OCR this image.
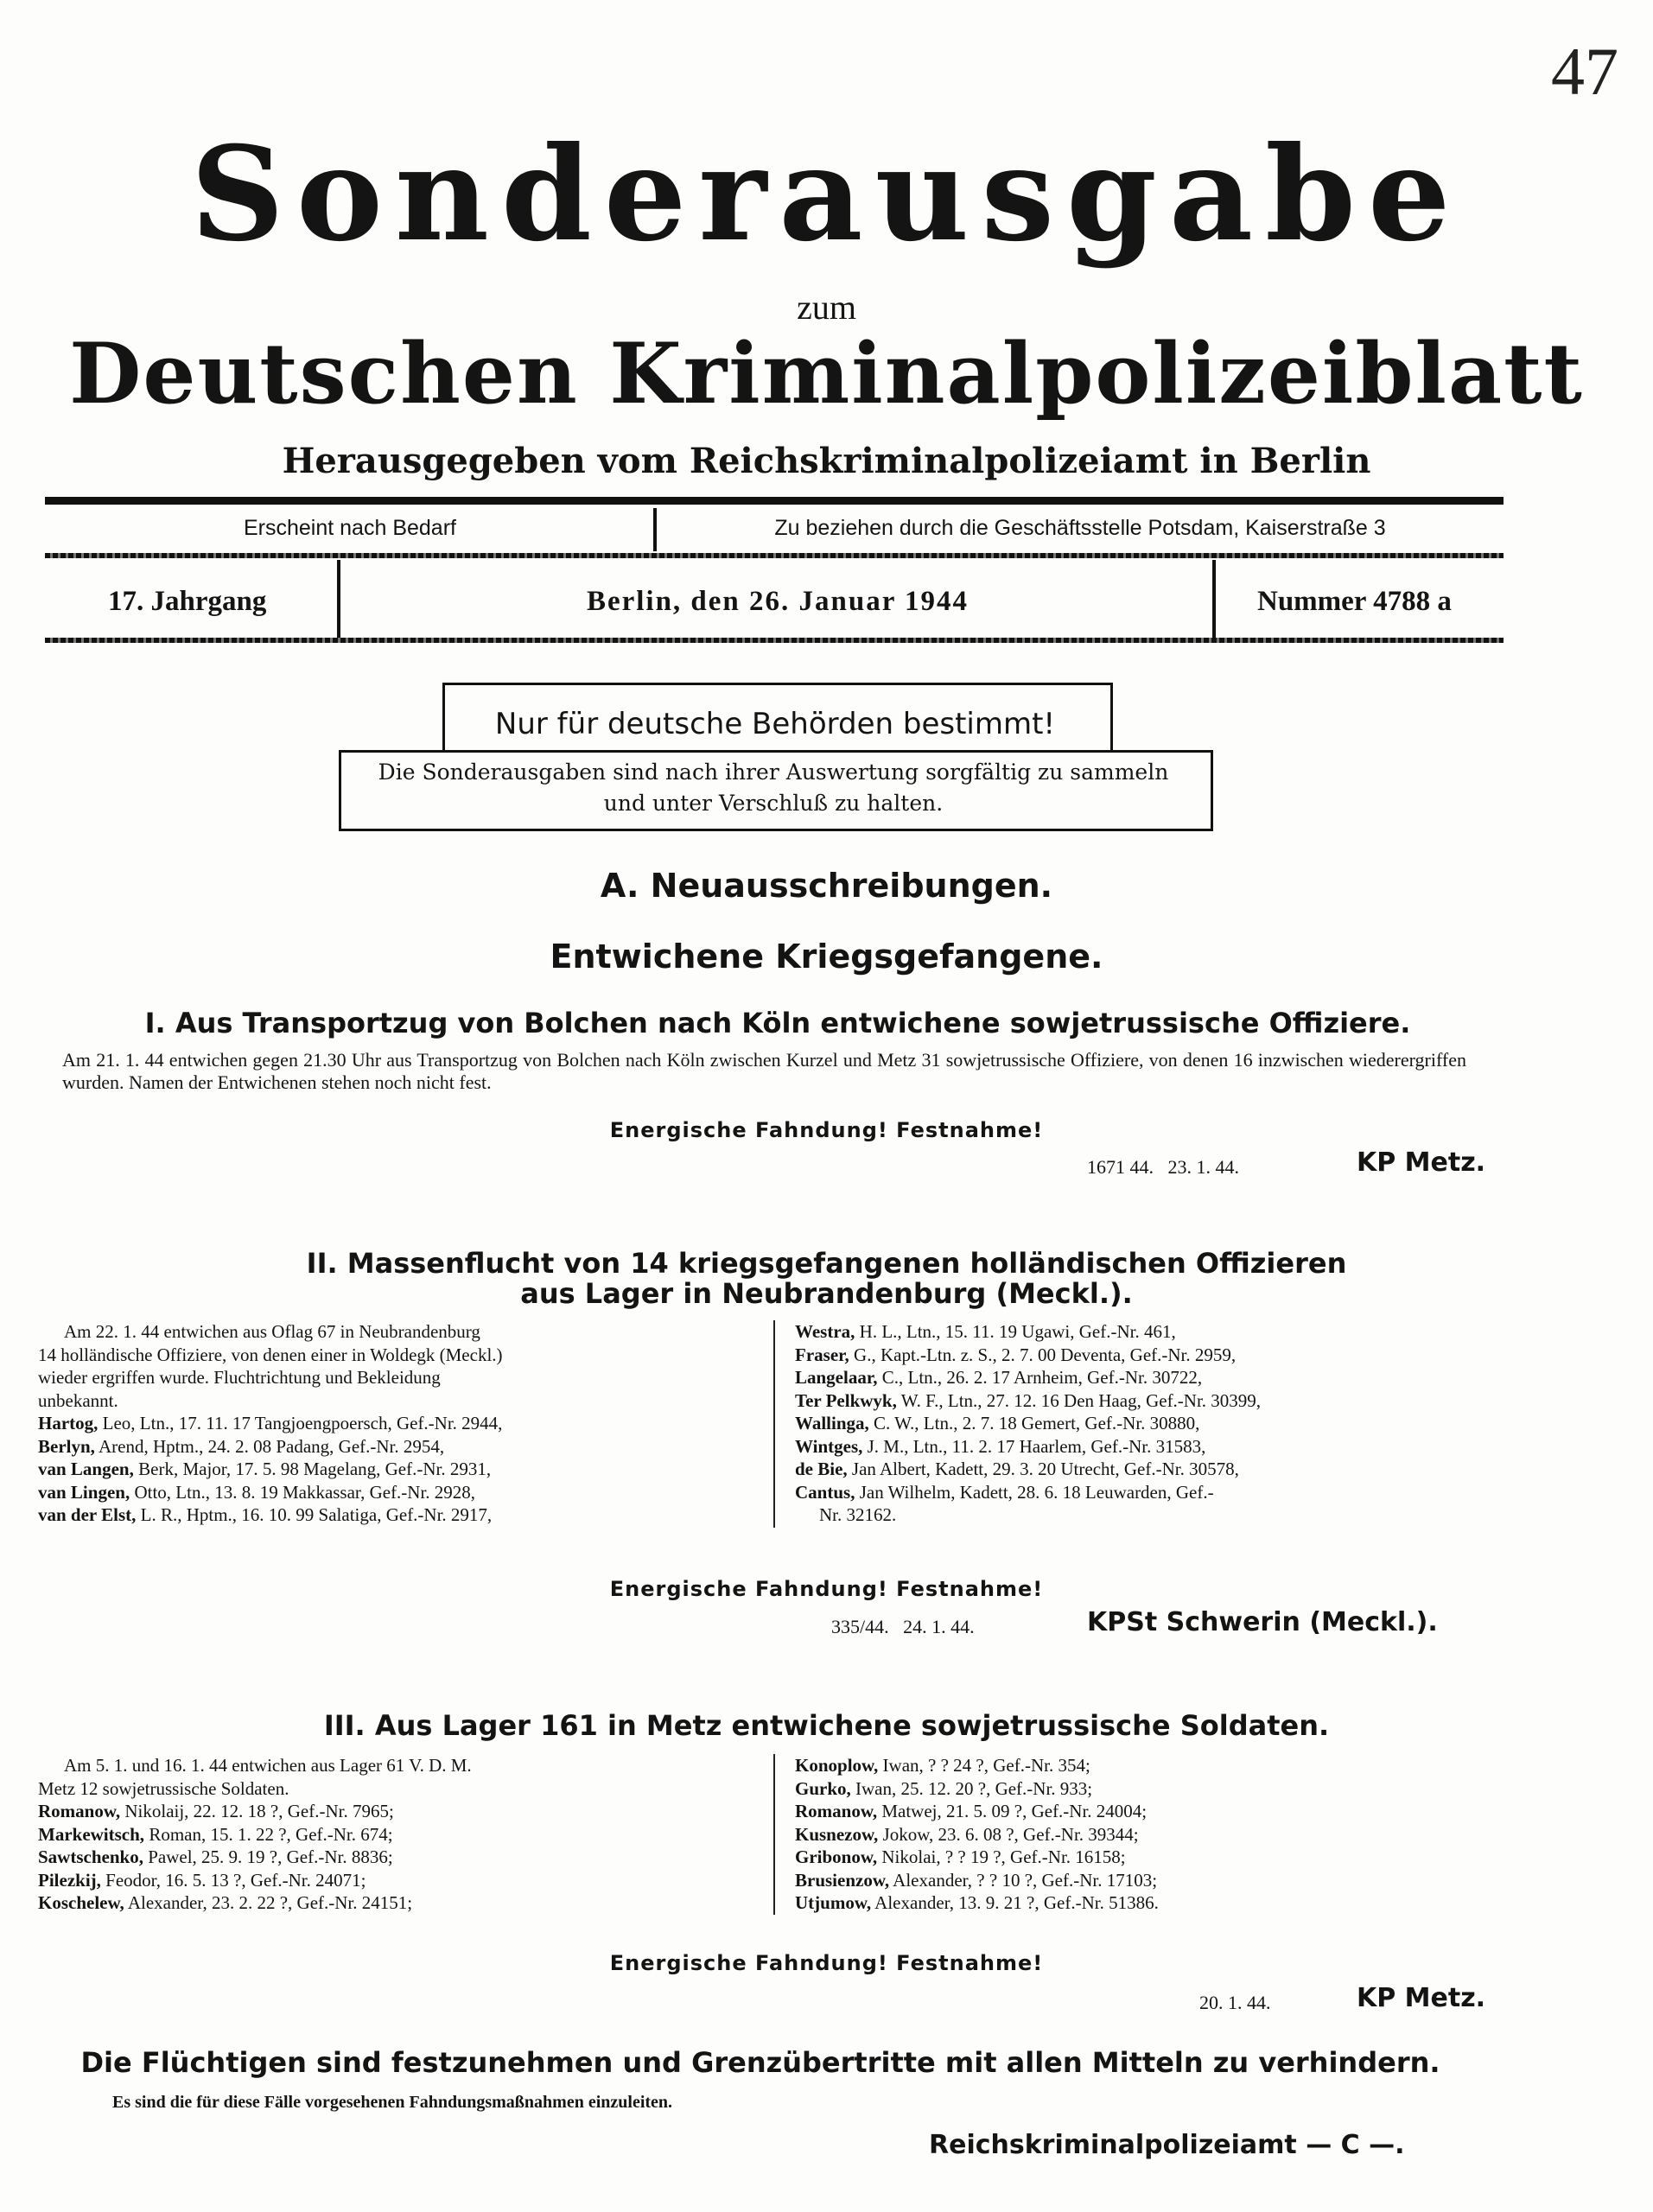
47
Sonderausgabe
zum
Deutschen Kriminalpolizeiblatt
Herausgegeben vom Reichskriminalpolizeiamt in Berlin
Erscheint nach Bedarf	Zu beziehen durch die Geschäftsstelle Potsdam, Kaiserstraße 3
17. Jahrgang	Berlin, den 26. Januar 1944	Nummer 4788 a
Nur für deutsche Behörden bestimmt!
Die Sonderausgaben sind nach ihrer Auswertung sorgfältig zu sammeln und unter Verschluß zu halten.
A. Neuausschreibungen.
Entwichene Kriegsgefangene.
I. Aus Transportzug von Bolchen nach Köln entwichene sowjetrussische Offiziere.
Am 21. 1. 44 entwichen gegen 21.30 Uhr aus Transportzug von Bolchen nach Köln zwischen Kurzel und Metz 31 sowjetrussische Offiziere, von denen 16 inzwischen wiederergriffen wurden. Namen der Entwichenen stehen noch nicht fest.
Energische Fahndung! Festnahme!
1671 44.   23. 1. 44.	KP Metz.
II. Massenflucht von 14 kriegsgefangenen holländischen Offizieren
aus Lager in Neubrandenburg (Meckl.).
Am 22. 1. 44 entwichen aus Oflag 67 in Neubrandenburg
14 holländische Offiziere, von denen einer in Woldegk (Meckl.)
wieder ergriffen wurde. Fluchtrichtung und Bekleidung
unbekannt.
Hartog, Leo, Ltn., 17. 11. 17 Tangjoengpoersch, Gef.-Nr. 2944,
Berlyn, Arend, Hptm., 24. 2. 08 Padang, Gef.-Nr. 2954,
van Langen, Berk, Major, 17. 5. 98 Magelang, Gef.-Nr. 2931,
van Lingen, Otto, Ltn., 13. 8. 19 Makkassar, Gef.-Nr. 2928,
van der Elst, L. R., Hptm., 16. 10. 99 Salatiga, Gef.-Nr. 2917,
Westra, H. L., Ltn., 15. 11. 19 Ugawi, Gef.-Nr. 461,
Fraser, G., Kapt.-Ltn. z. S., 2. 7. 00 Deventa, Gef.-Nr. 2959,
Langelaar, C., Ltn., 26. 2. 17 Arnheim, Gef.-Nr. 30722,
Ter Pelkwyk, W. F., Ltn., 27. 12. 16 Den Haag, Gef.-Nr. 30399,
Wallinga, C. W., Ltn., 2. 7. 18 Gemert, Gef.-Nr. 30880,
Wintges, J. M., Ltn., 11. 2. 17 Haarlem, Gef.-Nr. 31583,
de Bie, Jan Albert, Kadett, 29. 3. 20 Utrecht, Gef.-Nr. 30578,
Cantus, Jan Wilhelm, Kadett, 28. 6. 18 Leuwarden, Gef.-
Nr. 32162.
Energische Fahndung! Festnahme!
335/44.   24. 1. 44.	KPSt Schwerin (Meckl.).
III. Aus Lager 161 in Metz entwichene sowjetrussische Soldaten.
Am 5. 1. und 16. 1. 44 entwichen aus Lager 61 V. D. M.
Metz 12 sowjetrussische Soldaten.
Romanow, Nikolaij, 22. 12. 18 ?, Gef.-Nr. 7965;
Markewitsch, Roman, 15. 1. 22 ?, Gef.-Nr. 674;
Sawtschenko, Pawel, 25. 9. 19 ?, Gef.-Nr. 8836;
Pilezkij, Feodor, 16. 5. 13 ?, Gef.-Nr. 24071;
Koschelew, Alexander, 23. 2. 22 ?, Gef.-Nr. 24151;
Konoplow, Iwan, ? ? 24 ?, Gef.-Nr. 354;
Gurko, Iwan, 25. 12. 20 ?, Gef.-Nr. 933;
Romanow, Matwej, 21. 5. 09 ?, Gef.-Nr. 24004;
Kusnezow, Jokow, 23. 6. 08 ?, Gef.-Nr. 39344;
Gribonow, Nikolai, ? ? 19 ?, Gef.-Nr. 16158;
Brusienzow, Alexander, ? ? 10 ?, Gef.-Nr. 17103;
Utjumow, Alexander, 13. 9. 21 ?, Gef.-Nr. 51386.
Energische Fahndung! Festnahme!
20. 1. 44.	KP Metz.
Die Flüchtigen sind festzunehmen und Grenzübertritte mit allen Mitteln zu verhindern.
Es sind die für diese Fälle vorgesehenen Fahndungsmaßnahmen einzuleiten.
Reichskriminalpolizeiamt — C —.
